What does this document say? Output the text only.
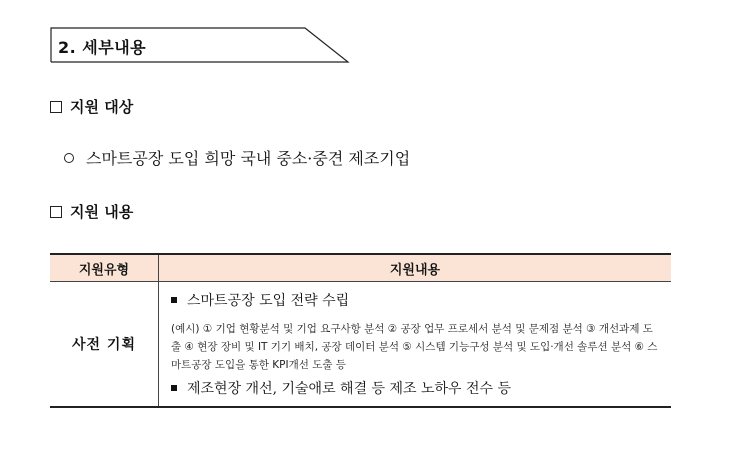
2. 세부내용
지원 대상
스마트공장 도입 희망 국내 중소·중견 제조기업
지원 내용
지원유형	지원내용
사전 기획	스마트공장 도입 전략 수립
(예시) ① 기업 현황분석 및 기업 요구사항 분석 ② 공장 업무 프로세서 분석 및 문제점 분석 ③ 개선과제 도출 ④ 현장 장비 및 IT 기기 배치, 공장 데이터 분석 ⑤ 시스템 기능구성 분석 및 도입·개선 솔루션 분석 ⑥ 스마트공장 도입을 통한 KPI개선 도출 등
제조현장 개선, 기술애로 해결 등 제조 노하우 전수 등
